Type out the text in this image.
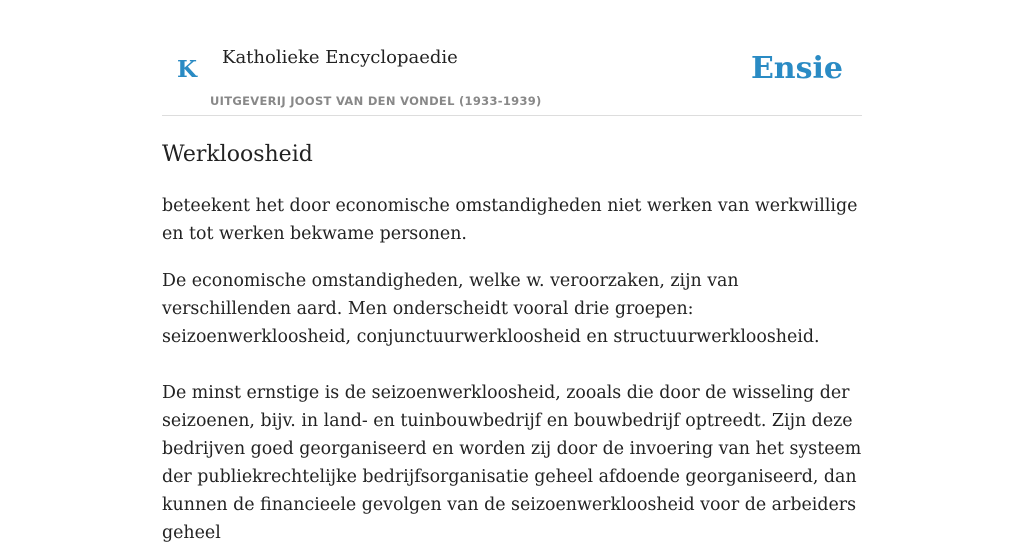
K Katholieke Encyclopaedie
UITGEVERIJ JOOST VAN DEN VONDEL (1933-1939)
Ensie
Werkloosheid

beteekent het door economische omstandigheden niet werken van werkwillige en tot werken bekwame personen.

De economische omstandigheden, welke w. veroorzaken, zijn van verschillenden aard. Men onderscheidt vooral drie groepen: seizoenwerkloosheid, conjunctuurwerkloosheid en structuurwerkloosheid.

De minst ernstige is de seizoenwerkloosheid, zooals die door de wisseling der seizoenen, bijv. in land- en tuinbouwbedrijf en bouwbedrijf optreedt. Zijn deze bedrijven goed georganiseerd en worden zij door de invoering van het systeem der publiekrechtelijke bedrijfsorganisatie geheel afdoende georganiseerd, dan kunnen de financieele gevolgen van de seizoenwerkloosheid voor de arbeiders geheel
